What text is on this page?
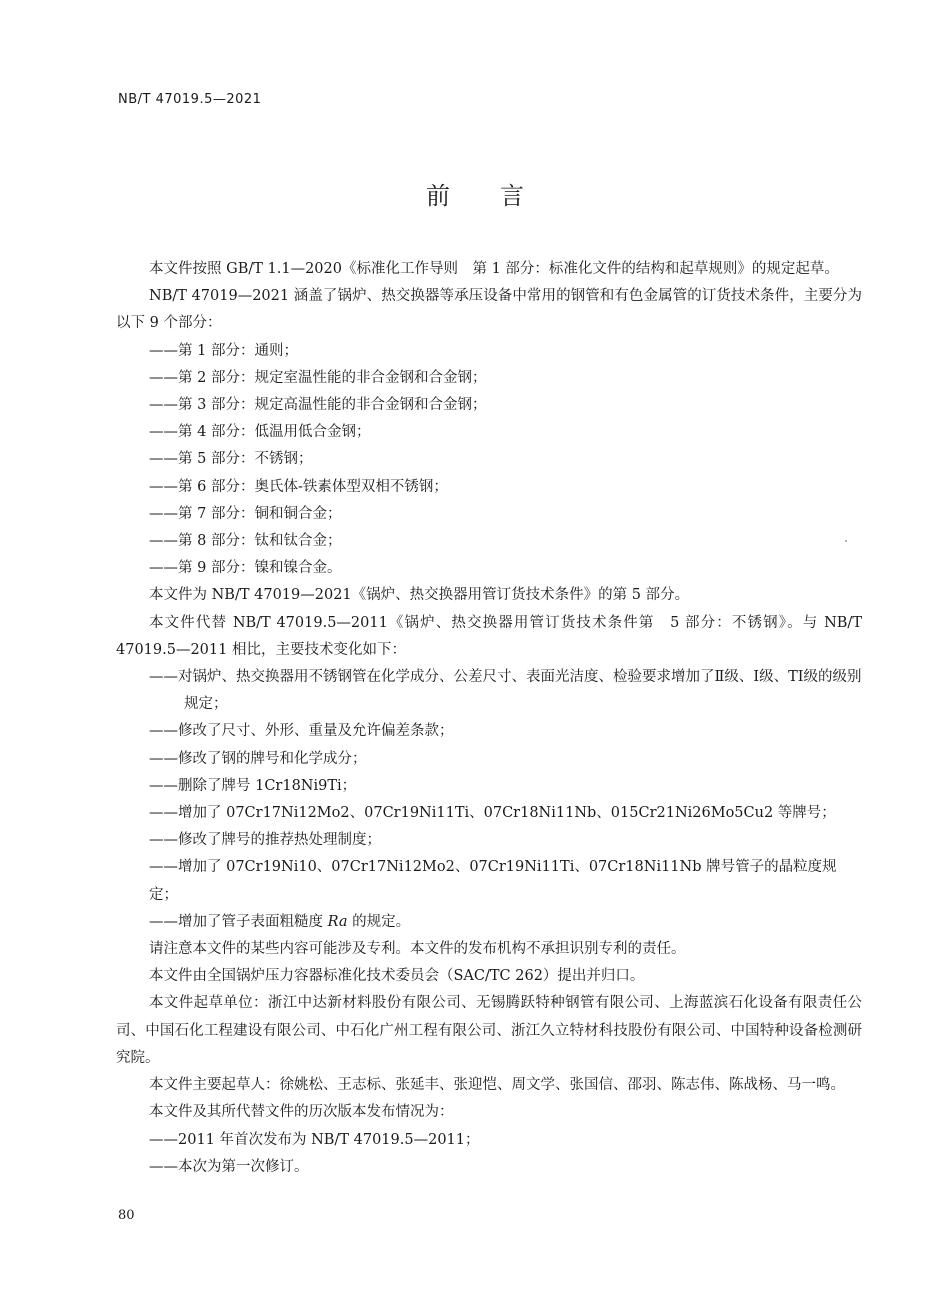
NB/T 47019.5—2021
前 言

本文件按照 GB/T 1.1—2020《标准化工作导则　第 1 部分：标准化文件的结构和起草规则》的规定起草。

NB/T 47019—2021 涵盖了锅炉、热交换器等承压设备中常用的钢管和有色金属管的订货技术条件，主要分为以下 9 个部分：

——第 1 部分：通则；

——第 2 部分：规定室温性能的非合金钢和合金钢；

——第 3 部分：规定高温性能的非合金钢和合金钢；

——第 4 部分：低温用低合金钢；

——第 5 部分：不锈钢；

——第 6 部分：奥氏体-铁素体型双相不锈钢；

——第 7 部分：铜和铜合金；

——第 8 部分：钛和钛合金；

——第 9 部分：镍和镍合金。

本文件为 NB/T 47019—2021《锅炉、热交换器用管订货技术条件》的第 5 部分。

本文件代替 NB/T 47019.5—2011《锅炉、热交换器用管订货技术条件第　5 部分：不锈钢》。与 NB/T 47019.5—2011 相比，主要技术变化如下：

——对锅炉、热交换器用不锈钢管在化学成分、公差尺寸、表面光洁度、检验要求增加了Ⅱ级、Ⅰ级、TⅠ级的级别规定；

——修改了尺寸、外形、重量及允许偏差条款；

——修改了钢的牌号和化学成分；

——删除了牌号 1Cr18Ni9Ti；

——增加了 07Cr17Ni12Mo2、07Cr19Ni11Ti、07Cr18Ni11Nb、015Cr21Ni26Mo5Cu2 等牌号；

——修改了牌号的推荐热处理制度；

——增加了 07Cr19Ni10、07Cr17Ni12Mo2、07Cr19Ni11Ti、07Cr18Ni11Nb 牌号管子的晶粒度规定；

——增加了管子表面粗糙度 Ra 的规定。

请注意本文件的某些内容可能涉及专利。本文件的发布机构不承担识别专利的责任。

本文件由全国锅炉压力容器标准化技术委员会（SAC/TC 262）提出并归口。

本文件起草单位：浙江中达新材料股份有限公司、无锡腾跃特种钢管有限公司、上海蓝滨石化设备有限责任公司、中国石化工程建设有限公司、中石化广州工程有限公司、浙江久立特材科技股份有限公司、中国特种设备检测研究院。

本文件主要起草人：徐姚松、王志标、张延丰、张迎恺、周文学、张国信、邵羽、陈志伟、陈战杨、马一鸣。

本文件及其所代替文件的历次版本发布情况为：

——2011 年首次发布为 NB/T 47019.5—2011；

——本次为第一次修订。

80
